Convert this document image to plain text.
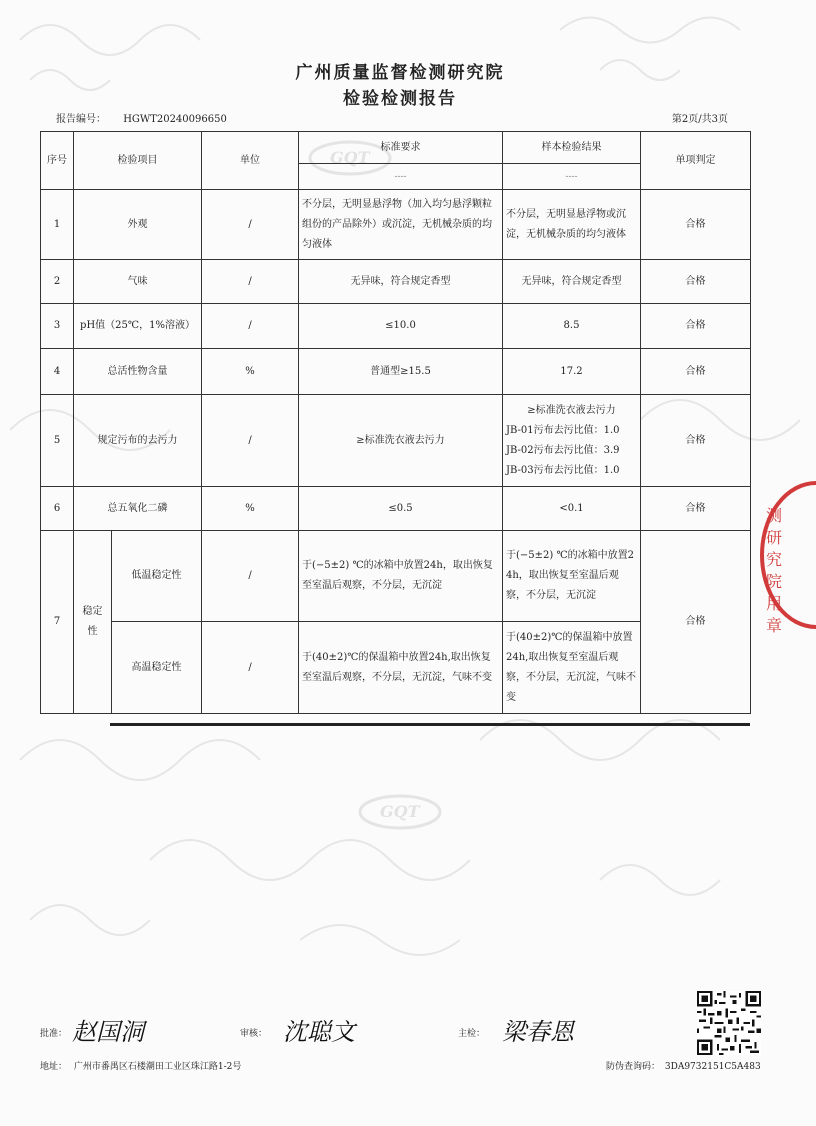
GQT
GQT
广州质量监督检测研究院
检验检测报告
报告编号： HGWT20240096650	第2页/共3页
序号	检验项目		单位	标准要求	样本检验结果	单项判定
				----	----	
1	外观		/	不分层，无明显悬浮物（加入均匀悬浮颗粒组份的产品除外）或沉淀，无机械杂质的均匀液体	不分层，无明显悬浮物或沉淀，无机械杂质的均匀液体	合格
2	气味		/	无异味，符合规定香型	无异味，符合规定香型	合格
3	pH值（25℃，1%溶液）		/	≤10.0	8.5	合格
4	总活性物含量		%	普通型≥15.5	17.2	合格
5	规定污布的去污力		/	≥标准洗衣液去污力	≥标准洗衣液去污力
JB-01污布去污比值：1.0
JB-02污布去污比值：3.9
JB-03污布去污比值：1.0	合格
6	总五氧化二磷		%	≤0.5	<0.1	合格
7	稳定性	低温稳定性	/	于(−5±2) ℃的冰箱中放置24h，取出恢复至室温后观察，不分层，无沉淀	于(−5±2) ℃的冰箱中放置24h，取出恢复至室温后观察，不分层，无沉淀	合格
		高温稳定性	/	于(40±2)℃的保温箱中放置24h,取出恢复至室温后观察，不分层，无沉淀，气味不变	于(40±2)℃的保温箱中放置24h,取出恢复至室温后观察，不分层，无沉淀，气味不变	
测研究院 用章
批准： 赵国洞	审核： 沈聪文	主检： 梁春恩
地址： 广州市番禺区石楼潮田工业区珠江路1-2号	防伪查询码： 3DA9732151C5A483
